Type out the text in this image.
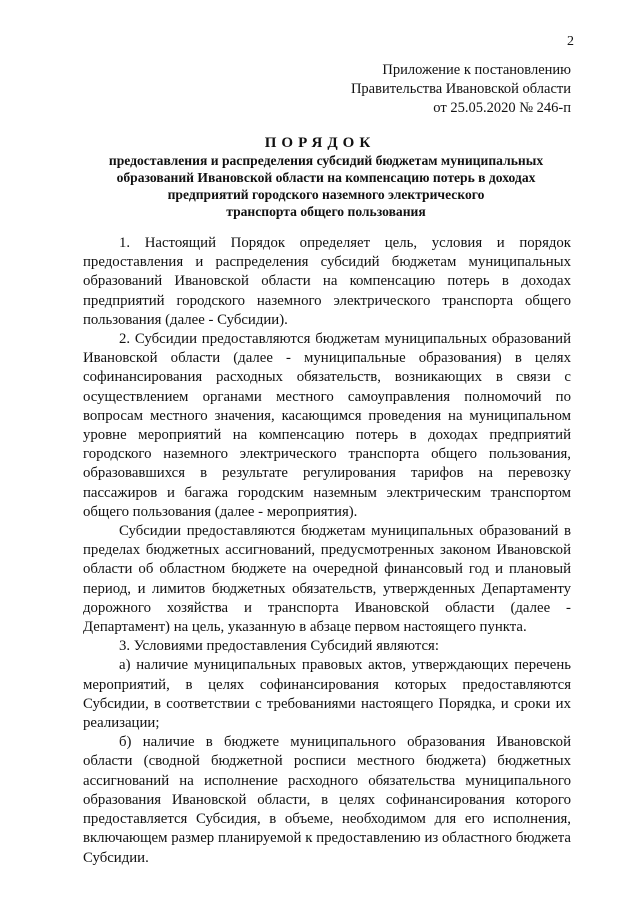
2
Приложение к постановлению
Правительства Ивановской области
от 25.05.2020 № 246-п
ПОРЯДОК
предоставления и распределения субсидий бюджетам муниципальных
образований Ивановской области на компенсацию потерь в доходах
предприятий городского наземного электрического
транспорта общего пользования

1. Настоящий Порядок определяет цель, условия и порядок предоставления и распределения субсидий бюджетам муниципальных образований Ивановской области на компенсацию потерь в доходах предприятий городского наземного электрического транспорта общего пользования (далее - Субсидии).

2. Субсидии предоставляются бюджетам муниципальных образований Ивановской области (далее - муниципальные образования) в целях софинансирования расходных обязательств, возникающих в связи с осуществлением органами местного самоуправления полномочий по вопросам местного значения, касающимся проведения на муниципальном уровне мероприятий на компенсацию потерь в доходах предприятий городского наземного электрического транспорта общего пользования, образовавшихся в результате регулирования тарифов на перевозку пассажиров и багажа городским наземным электрическим транспортом общего пользования (далее - мероприятия).

Субсидии предоставляются бюджетам муниципальных образований в пределах бюджетных ассигнований, предусмотренных законом Ивановской области об областном бюджете на очередной финансовый год и плановый период, и лимитов бюджетных обязательств, утвержденных Департаменту дорожного хозяйства и транспорта Ивановской области (далее - Департамент) на цель, указанную в абзаце первом настоящего пункта.

3. Условиями предоставления Субсидий являются:

а) наличие муниципальных правовых актов, утверждающих перечень мероприятий, в целях софинансирования которых предоставляются Субсидии, в соответствии с требованиями настоящего Порядка, и сроки их реализации;

б) наличие в бюджете муниципального образования Ивановской области (сводной бюджетной росписи местного бюджета) бюджетных ассигнований на исполнение расходного обязательства муниципального образования Ивановской области, в целях софинансирования которого предоставляется Субсидия, в объеме, необходимом для его исполнения, включающем размер планируемой к предоставлению из областного бюджета Субсидии.
